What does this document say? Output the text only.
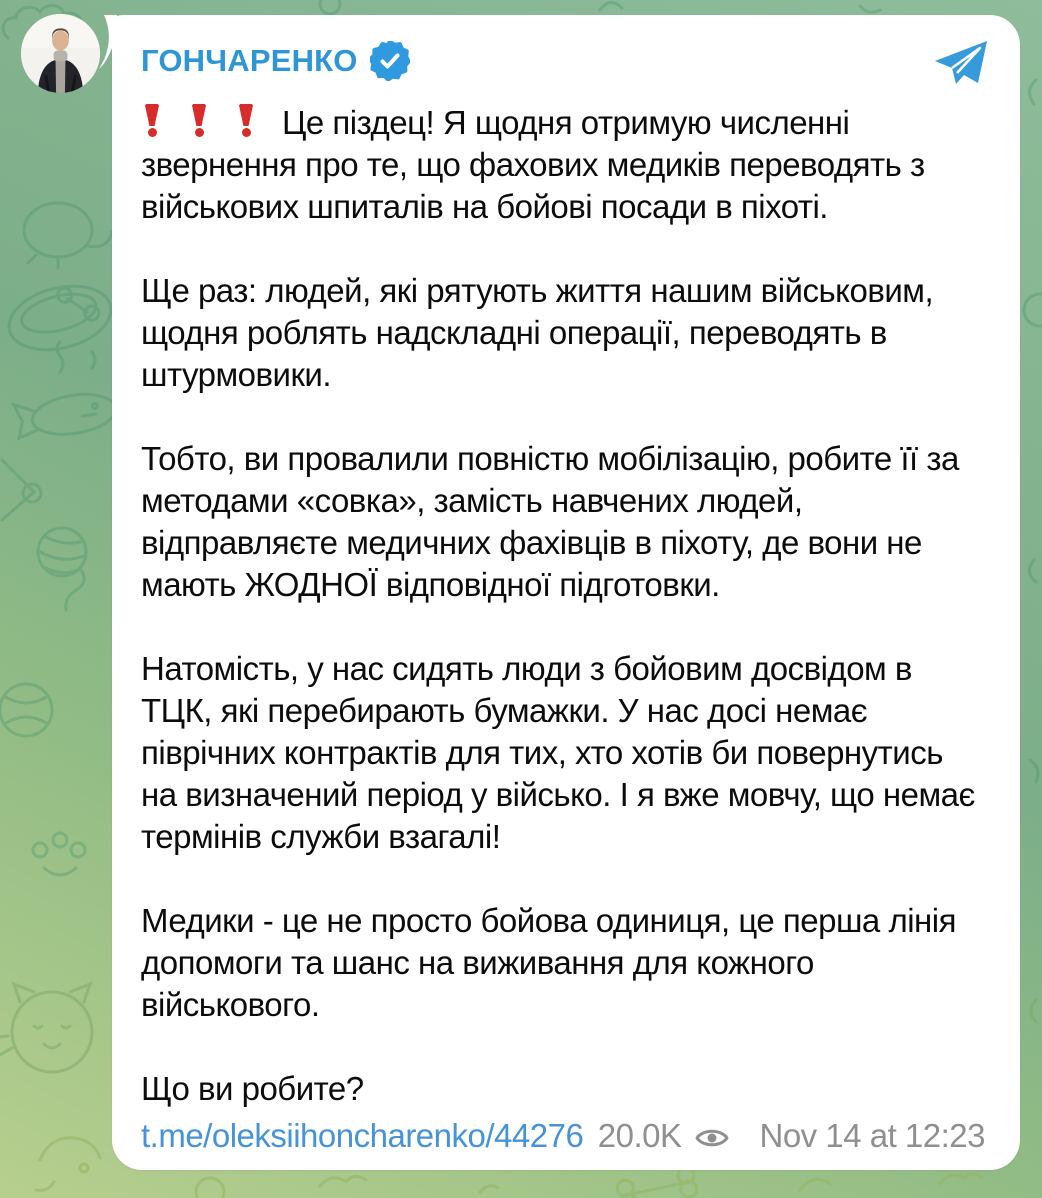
ГОНЧАРЕНКО

Це піздец! Я щодня отримую численні звернення про те, що фахових медиків переводять з військових шпиталів на бойові посади в піхоті.

Ще раз: людей, які рятують життя нашим військовим, щодня роблять надскладні операції, переводять в штурмовики.

Тобто, ви провалили повністю мобілізацію, робите її за методами «совка», замість навчених людей, відправляєте медичних фахівців в піхоту, де вони не мають ЖОДНОЇ відповідної підготовки.

Натомість, у нас сидять люди з бойовим досвідом в ТЦК, які перебирають бумажки. У нас досі немає піврічних контрактів для тих, хто хотів би повернутись на визначений період у військо. І я вже мовчу, що немає термінів служби взагалі!

Медики - це не просто бойова одиниця, це перша лінія допомоги та шанс на виживання для кожного військового.

Що ви робите?

t.me/oleksiihoncharenko/44276 20.0K Nov 14 at 12:23
